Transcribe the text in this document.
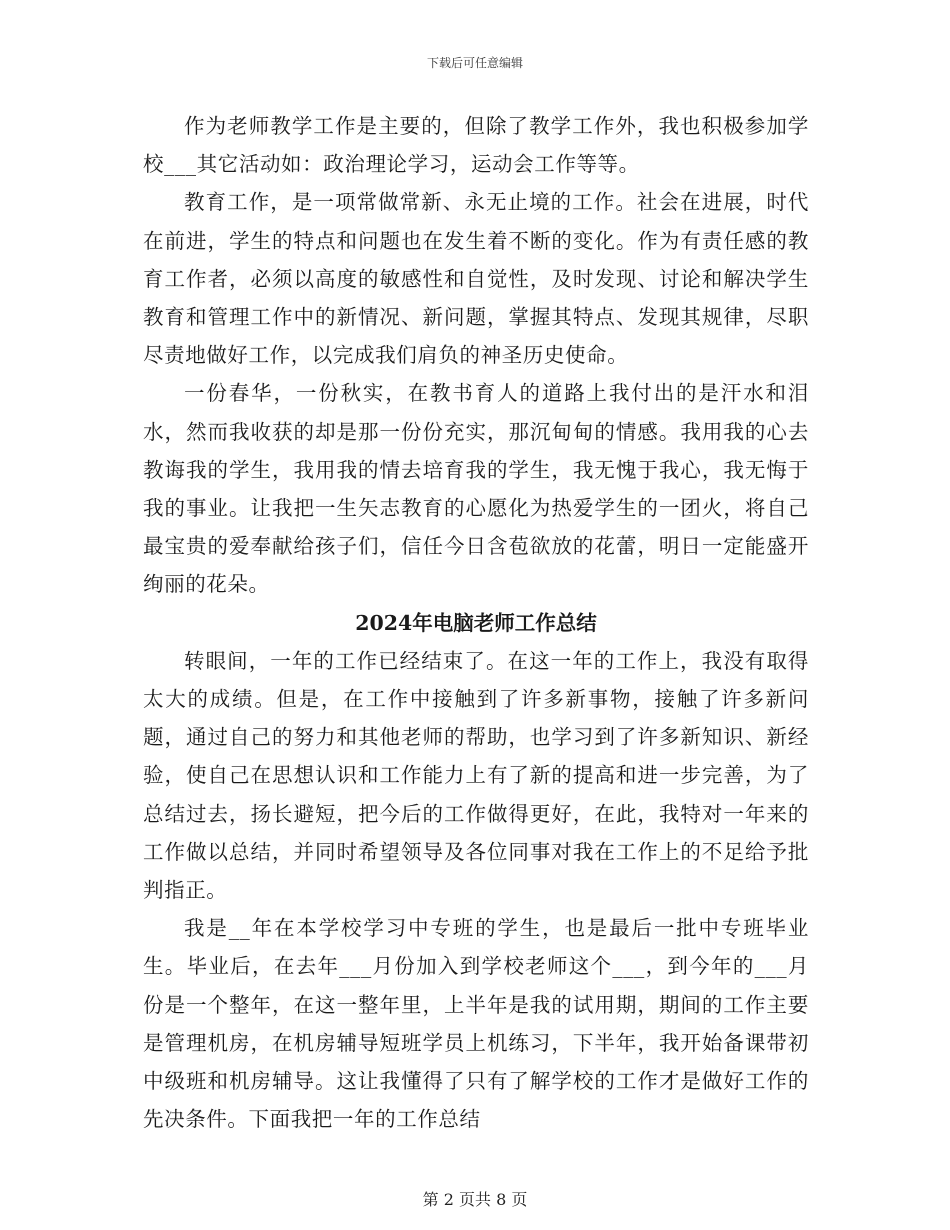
下载后可任意编辑

作为老师教学工作是主要的，但除了教学工作外，我也积极参加学校___其它活动如：政治理论学习，运动会工作等等。

教育工作，是一项常做常新、永无止境的工作。社会在进展，时代在前进，学生的特点和问题也在发生着不断的变化。作为有责任感的教育工作者，必须以高度的敏感性和自觉性，及时发现、讨论和解决学生教育和管理工作中的新情况、新问题，掌握其特点、发现其规律，尽职尽责地做好工作，以完成我们肩负的神圣历史使命。

一份春华，一份秋实，在教书育人的道路上我付出的是汗水和泪水，然而我收获的却是那一份份充实，那沉甸甸的情感。我用我的心去教诲我的学生，我用我的情去培育我的学生，我无愧于我心，我无悔于我的事业。让我把一生矢志教育的心愿化为热爱学生的一团火，将自己最宝贵的爱奉献给孩子们，信任今日含苞欲放的花蕾，明日一定能盛开绚丽的花朵。

2024年电脑老师工作总结

转眼间，一年的工作已经结束了。在这一年的工作上，我没有取得太大的成绩。但是，在工作中接触到了许多新事物，接触了许多新问题，通过自己的努力和其他老师的帮助，也学习到了许多新知识、新经验，使自己在思想认识和工作能力上有了新的提高和进一步完善，为了总结过去，扬长避短，把今后的工作做得更好，在此，我特对一年来的工作做以总结，并同时希望领导及各位同事对我在工作上的不足给予批判指正。

我是__年在本学校学习中专班的学生，也是最后一批中专班毕业生。毕业后，在去年___月份加入到学校老师这个___，到今年的___月份是一个整年，在这一整年里，上半年是我的试用期，期间的工作主要是管理机房，在机房辅导短班学员上机练习，下半年，我开始备课带初中级班和机房辅导。这让我懂得了只有了解学校的工作才是做好工作的先决条件。下面我把一年的工作总结

第 2 页共 8 页
